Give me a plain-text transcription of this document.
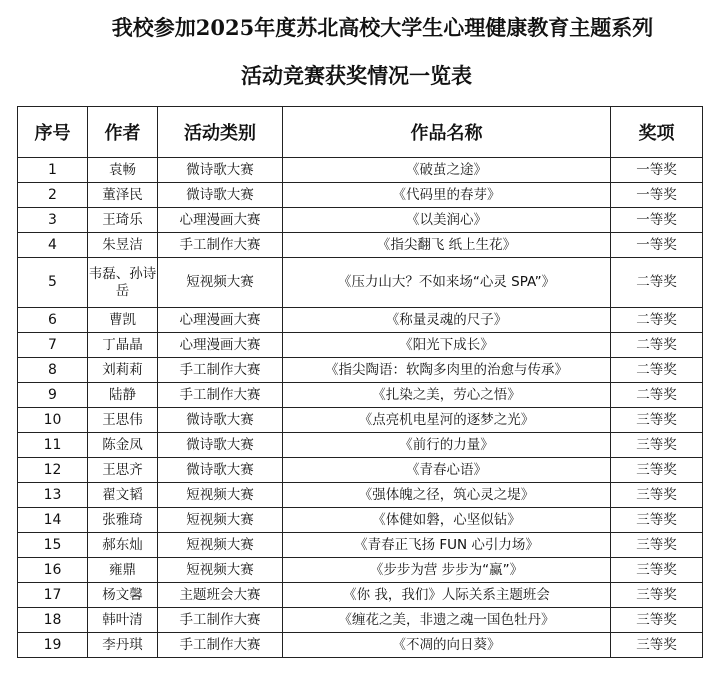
我校参加2025年度苏北高校大学生心理健康教育主题系列
活动竞赛获奖情况一览表
序号	作者	活动类别	作品名称	奖项
1	袁畅	微诗歌大赛	《破茧之途》	一等奖
2	董泽民	微诗歌大赛	《代码里的春芽》	一等奖
3	王琦乐	心理漫画大赛	《以美润心》	一等奖
4	朱昱洁	手工制作大赛	《指尖翻飞 纸上生花》	一等奖
5	韦磊、孙诗岳	短视频大赛	《压力山大？不如来场“心灵 SPA”》	二等奖
6	曹凯	心理漫画大赛	《称量灵魂的尺子》	二等奖
7	丁晶晶	心理漫画大赛	《阳光下成长》	二等奖
8	刘莉莉	手工制作大赛	《指尖陶语：软陶多肉里的治愈与传承》	二等奖
9	陆静	手工制作大赛	《扎染之美，劳心之悟》	二等奖
10	王思伟	微诗歌大赛	《点亮机电星河的逐梦之光》	三等奖
11	陈金凤	微诗歌大赛	《前行的力量》	三等奖
12	王思齐	微诗歌大赛	《青春心语》	三等奖
13	翟文韬	短视频大赛	《强体魄之径，筑心灵之堤》	三等奖
14	张雅琦	短视频大赛	《体健如磐，心坚似钻》	三等奖
15	郝东灿	短视频大赛	《青春正飞扬 FUN 心引力场》	三等奖
16	雍鼎	短视频大赛	《步步为营 步步为“赢”》	三等奖
17	杨文馨	主题班会大赛	《你 我，我们》人际关系主题班会	三等奖
18	韩叶清	手工制作大赛	《缠花之美，非遗之魂一国色牡丹》	三等奖
19	李丹琪	手工制作大赛	《不凋的向日葵》	三等奖
